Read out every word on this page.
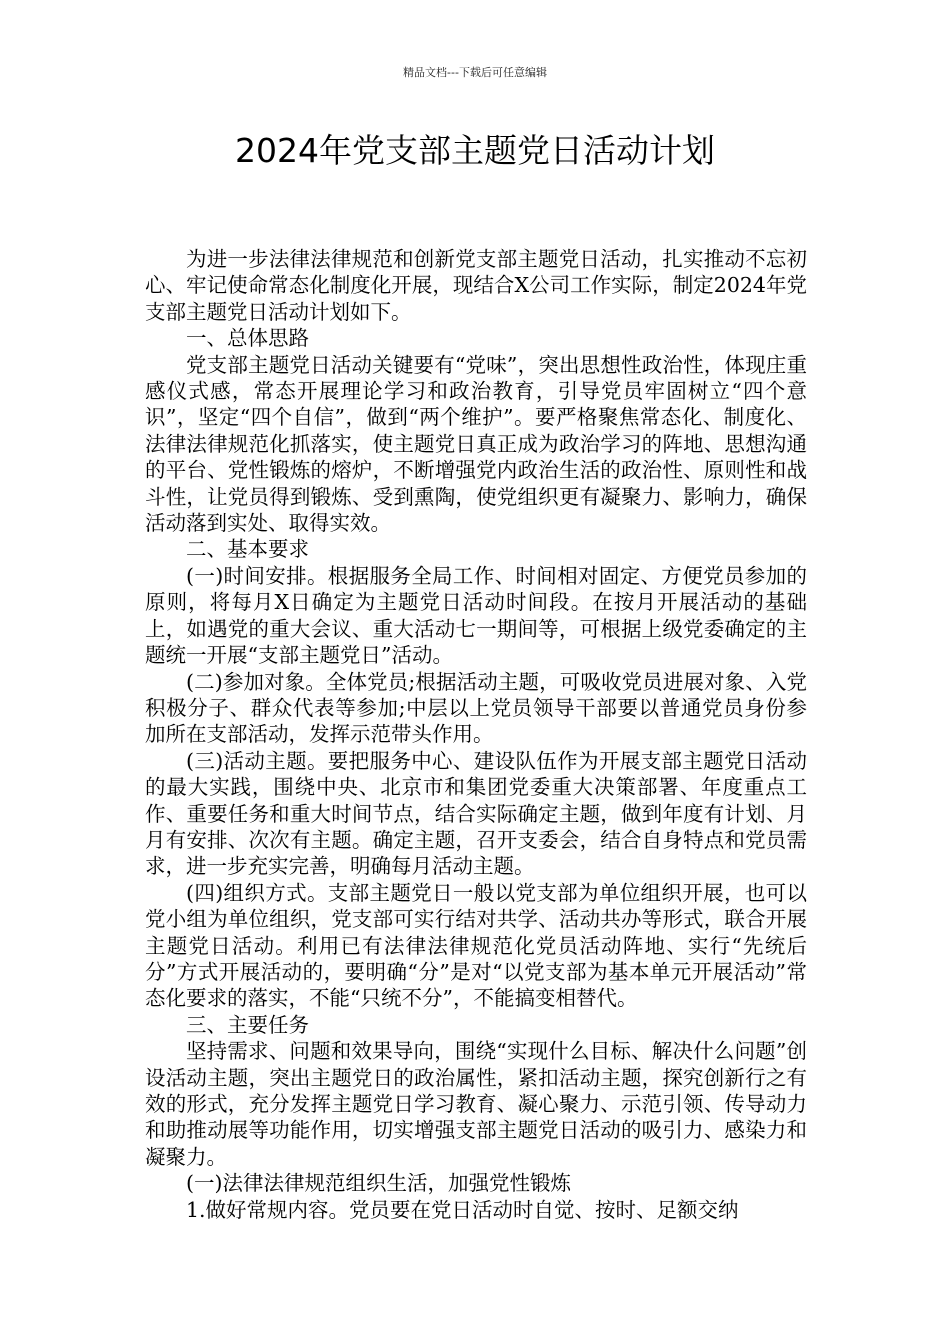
精品文档---下载后可任意编辑
2024年党支部主题党日活动计划

为进一步法律法律规范和创新党支部主题党日活动，扎实推动不忘初心、牢记使命常态化制度化开展，现结合X公司工作实际，制定2024年党支部主题党日活动计划如下。

一、总体思路

党支部主题党日活动关键要有“党味”，突出思想性政治性，体现庄重感仪式感，常态开展理论学习和政治教育，引导党员牢固树立“四个意识”，坚定“四个自信”，做到“两个维护”。要严格聚焦常态化、制度化、法律法律规范化抓落实，使主题党日真正成为政治学习的阵地、思想沟通的平台、党性锻炼的熔炉，不断增强党内政治生活的政治性、原则性和战斗性，让党员得到锻炼、受到熏陶，使党组织更有凝聚力、影响力，确保活动落到实处、取得实效。

二、基本要求

(一)时间安排。根据服务全局工作、时间相对固定、方便党员参加的原则，将每月X日确定为主题党日活动时间段。在按月开展活动的基础上，如遇党的重大会议、重大活动七一期间等，可根据上级党委确定的主题统一开展“支部主题党日”活动。

(二)参加对象。全体党员;根据活动主题，可吸收党员进展对象、入党积极分子、群众代表等参加;中层以上党员领导干部要以普通党员身份参加所在支部活动，发挥示范带头作用。

(三)活动主题。要把服务中心、建设队伍作为开展支部主题党日活动的最大实践，围绕中央、北京市和集团党委重大决策部署、年度重点工作、重要任务和重大时间节点，结合实际确定主题，做到年度有计划、月月有安排、次次有主题。确定主题，召开支委会，结合自身特点和党员需求，进一步充实完善，明确每月活动主题。

(四)组织方式。支部主题党日一般以党支部为单位组织开展，也可以党小组为单位组织，党支部可实行结对共学、活动共办等形式，联合开展主题党日活动。利用已有法律法律规范化党员活动阵地、实行“先统后分”方式开展活动的，要明确“分”是对“以党支部为基本单元开展活动”常态化要求的落实，不能“只统不分”，不能搞变相替代。

三、主要任务

坚持需求、问题和效果导向，围绕“实现什么目标、解决什么问题”创设活动主题，突出主题党日的政治属性，紧扣活动主题，探究创新行之有效的形式，充分发挥主题党日学习教育、凝心聚力、示范引领、传导动力和助推动展等功能作用，切实增强支部主题党日活动的吸引力、感染力和凝聚力。

(一)法律法律规范组织生活，加强党性锻炼

1.做好常规内容。党员要在党日活动时自觉、按时、足额交纳
